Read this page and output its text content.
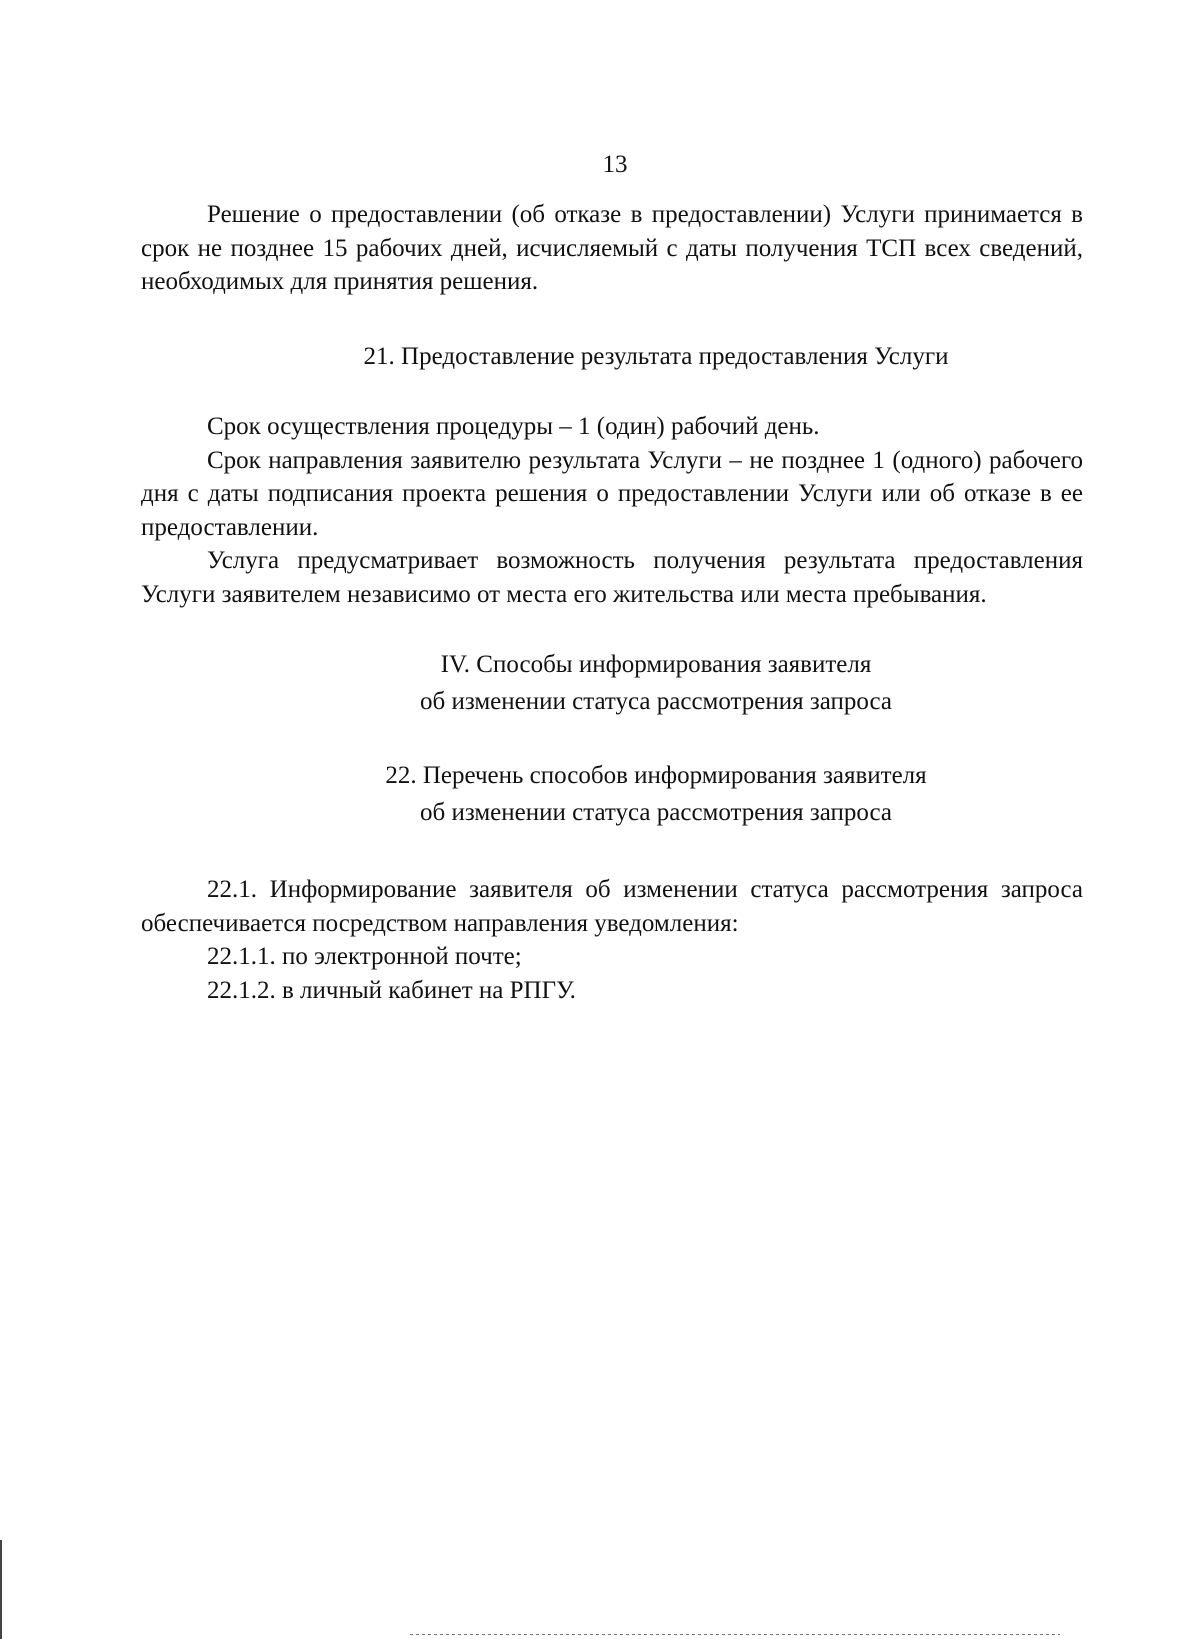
13

Решение о предоставлении (об отказе в предоставлении) Услуги принимается в срок не позднее 15 рабочих дней, исчисляемый с даты получения ТСП всех сведений, необходимых для принятия решения.

21. Предоставление результата предоставления Услуги

Срок осуществления процедуры – 1 (один) рабочий день.

Срок направления заявителю результата Услуги – не позднее 1 (одного) рабочего дня с даты подписания проекта решения о предоставлении Услуги или об отказе в ее предоставлении.

Услуга предусматривает возможность получения результата предоставления Услуги заявителем независимо от места его жительства или места пребывания.

IV. Способы информирования заявителя
об изменении статуса рассмотрения запроса
22. Перечень способов информирования заявителя
об изменении статуса рассмотрения запроса

22.1. Информирование заявителя об изменении статуса рассмотрения запроса обеспечивается посредством направления уведомления:

22.1.1. по электронной почте;

22.1.2. в личный кабинет на РПГУ.
